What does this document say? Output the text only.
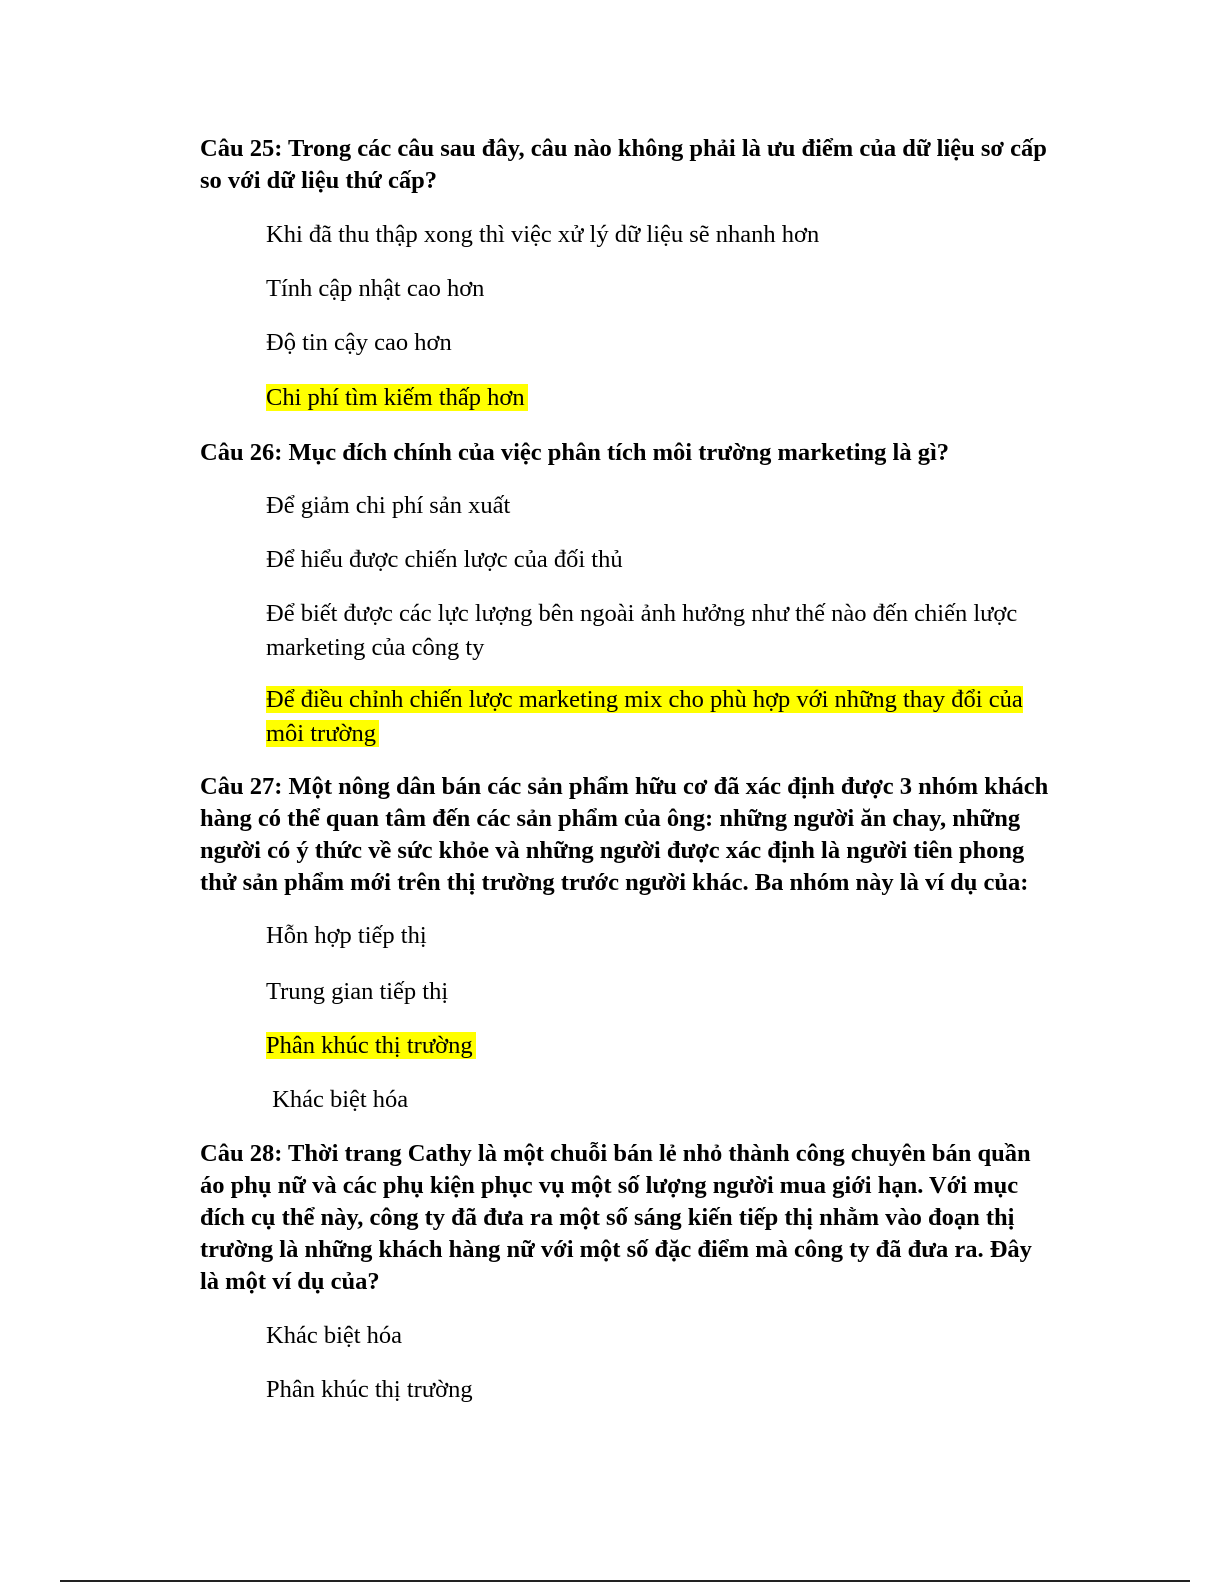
Câu 25: Trong các câu sau đây, câu nào không phải là ưu điểm của dữ liệu sơ cấp so với dữ liệu thứ cấp?
Khi đã thu thập xong thì việc xử lý dữ liệu sẽ nhanh hơn
Tính cập nhật cao hơn
Độ tin cậy cao hơn
Chi phí tìm kiếm thấp hơn
Câu 26: Mục đích chính của việc phân tích môi trường marketing là gì?
Để giảm chi phí sản xuất
Để hiểu được chiến lược của đối thủ
Để biết được các lực lượng bên ngoài ảnh hưởng như thế nào đến chiến lược marketing của công ty
Để điều chỉnh chiến lược marketing mix cho phù hợp với những thay đổi của môi trường
Câu 27: Một nông dân bán các sản phẩm hữu cơ đã xác định được 3 nhóm khách hàng có thể quan tâm đến các sản phẩm của ông: những người ăn chay, những người có ý thức về sức khỏe và những người được xác định là người tiên phong thử sản phẩm mới trên thị trường trước người khác. Ba nhóm này là ví dụ của:
Hỗn hợp tiếp thị
Trung gian tiếp thị
Phân khúc thị trường
Khác biệt hóa
Câu 28: Thời trang Cathy là một chuỗi bán lẻ nhỏ thành công chuyên bán quần áo phụ nữ và các phụ kiện phục vụ một số lượng người mua giới hạn. Với mục đích cụ thể này, công ty đã đưa ra một số sáng kiến tiếp thị nhằm vào đoạn thị trường là những khách hàng nữ với một số đặc điểm mà công ty đã đưa ra. Đây là một ví dụ của?
Khác biệt hóa
Phân khúc thị trường
